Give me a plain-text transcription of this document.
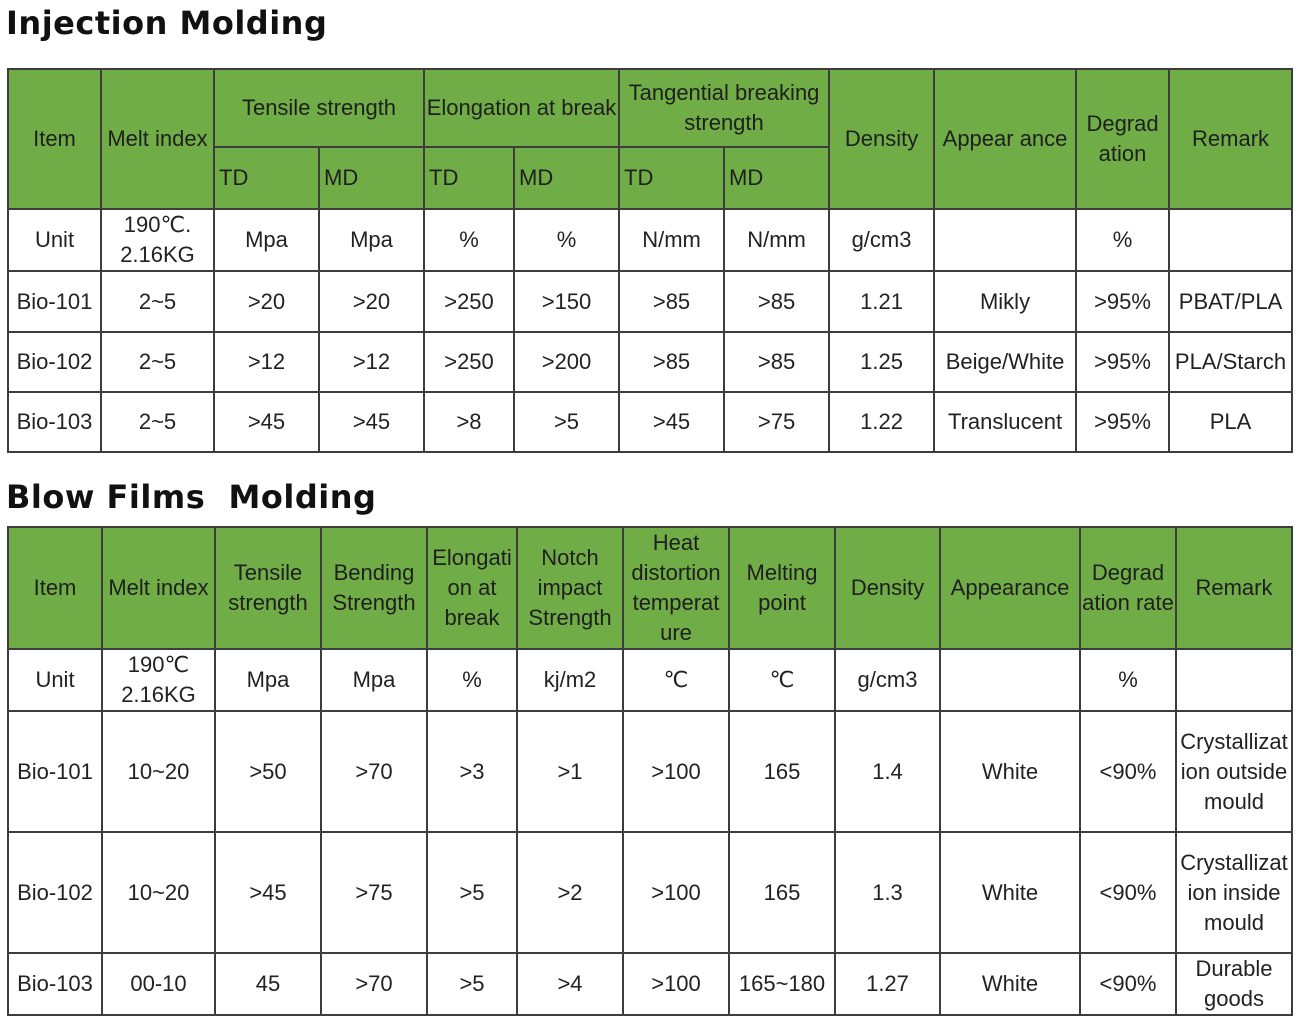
Injection Molding
Item	Melt index	Tensile strength		Elongation at break		Tangential breaking strength		Density	Appear ance	Degrad ation	Remark
		TD	MD	TD	MD	TD	MD				
Unit	190℃. 2.16KG	Mpa	Mpa	%	%	N/mm	N/mm	g/cm3		%	
Bio-101	2~5	>20	>20	>250	>150	>85	>85	1.21	Mikly	>95%	PBAT/PLA
Bio-102	2~5	>12	>12	>250	>200	>85	>85	1.25	Beige/White	>95%	PLA/Starch
Bio-103	2~5	>45	>45	>8	>5	>45	>75	1.22	Translucent	>95%	PLA
Blow Films  Molding
Item	Melt index	Tensile strength	Bending Strength	Elongati on at break	Notch impact Strength	Heat distortion temperat ure	Melting point	Density	Appearance	Degrad ation rate	Remark
Unit	190℃ 2.16KG	Mpa	Mpa	%	kj/m2	℃	℃	g/cm3		%	
Bio-101	10~20	>50	>70	>3	>1	>100	165	1.4	White	<90%	Crystallizat ion outside mould
Bio-102	10~20	>45	>75	>5	>2	>100	165	1.3	White	<90%	Crystallizat ion inside mould
Bio-103	00-10	45	>70	>5	>4	>100	165~180	1.27	White	<90%	Durable goods
